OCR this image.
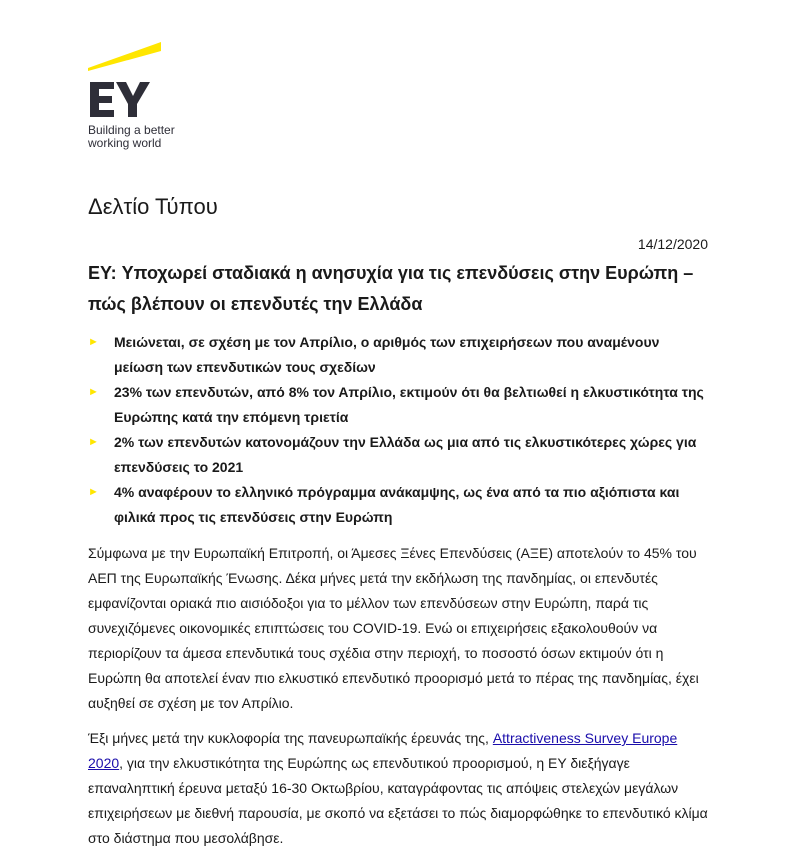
Building a better
working world
Δελτίο Τύπου
14/12/2020
EY: Υποχωρεί σταδιακά η ανησυχία για τις επενδύσεις στην Ευρώπη – πώς βλέπουν οι επενδυτές την Ελλάδα
► Μειώνεται, σε σχέση με τον Απρίλιο, ο αριθμός των επιχειρήσεων που αναμένουν μείωση των επενδυτικών τους σχεδίων
► 23% των επενδυτών, από 8% τον Απρίλιο, εκτιμούν ότι θα βελτιωθεί η ελκυστικότητα της Ευρώπης κατά την επόμενη τριετία
► 2% των επενδυτών κατονομάζουν την Ελλάδα ως μια από τις ελκυστικότερες χώρες για επενδύσεις το 2021
► 4% αναφέρουν το ελληνικό πρόγραμμα ανάκαμψης, ως ένα από τα πιο αξιόπιστα και φιλικά προς τις επενδύσεις στην Ευρώπη

Σύμφωνα με την Ευρωπαϊκή Επιτροπή, οι Άμεσες Ξένες Επενδύσεις (ΑΞΕ) αποτελούν το 45% του ΑΕΠ της Ευρωπαϊκής Ένωσης. Δέκα μήνες μετά την εκδήλωση της πανδημίας, οι επενδυτές εμφανίζονται οριακά πιο αισιόδοξοι για το μέλλον των επενδύσεων στην Ευρώπη, παρά τις συνεχιζόμενες οικονομικές επιπτώσεις του COVID-19. Ενώ οι επιχειρήσεις εξακολουθούν να περιορίζουν τα άμεσα επενδυτικά τους σχέδια στην περιοχή, το ποσοστό όσων εκτιμούν ότι η Ευρώπη θα αποτελεί έναν πιο ελκυστικό επενδυτικό προορισμό μετά το πέρας της πανδημίας, έχει αυξηθεί σε σχέση με τον Απρίλιο.

Έξι μήνες μετά την κυκλοφορία της πανευρωπαϊκής έρευνάς της, Attractiveness Survey Europe 2020, για την ελκυστικότητα της Ευρώπης ως επενδυτικού προορισμού, η EY διεξήγαγε επαναληπτική έρευνα μεταξύ 16-30 Οκτωβρίου, καταγράφοντας τις απόψεις στελεχών μεγάλων επιχειρήσεων με διεθνή παρουσία, με σκοπό να εξετάσει το πώς διαμορφώθηκε το επενδυτικό κλίμα στο διάστημα που μεσολάβησε.
